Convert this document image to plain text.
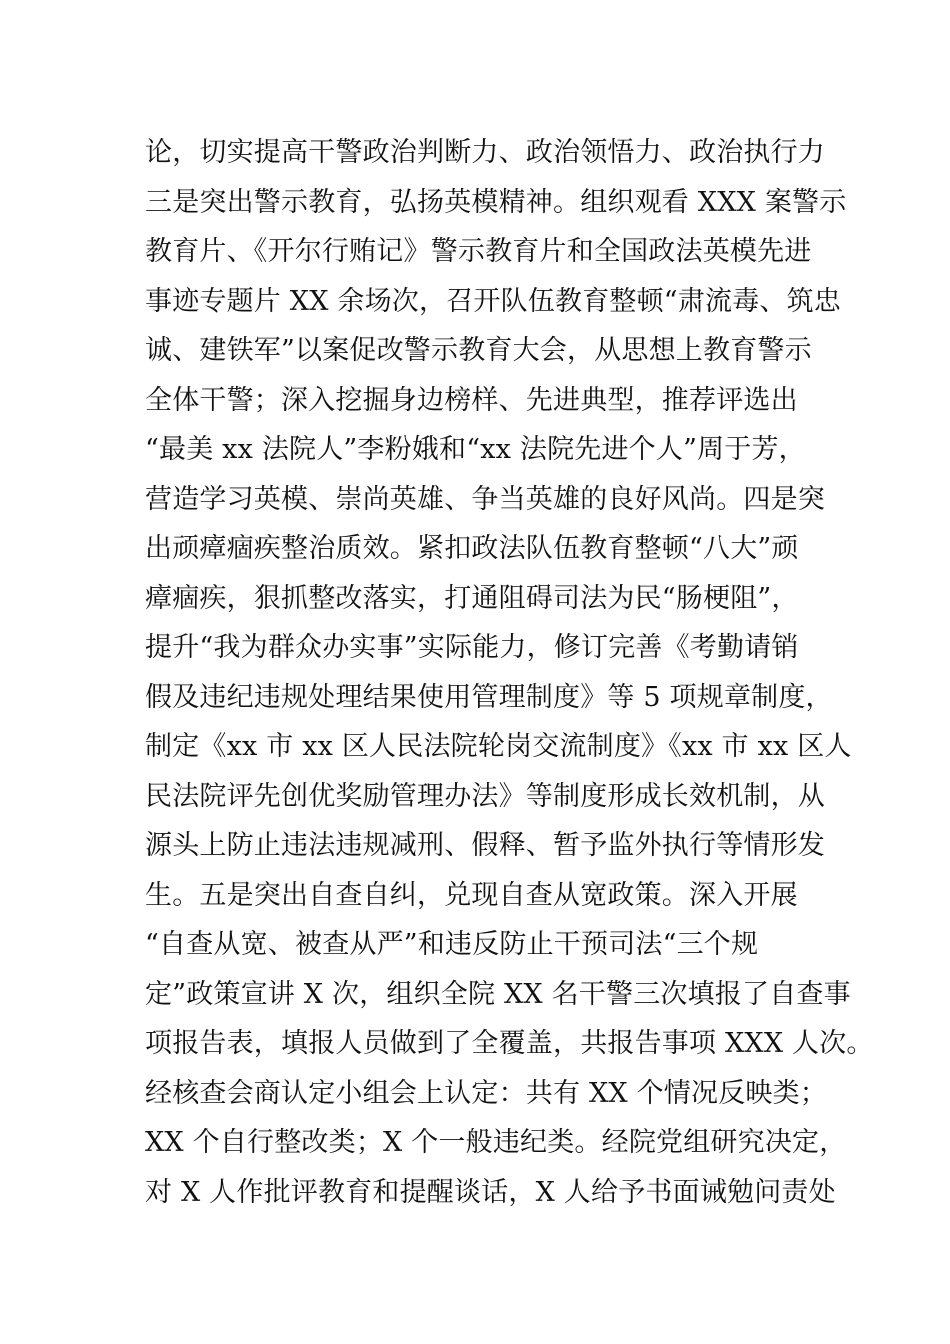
论，切实提高干警政治判断力、政治领悟力、政治执行力
三是突出警示教育，弘扬英模精神。组织观看 XXX 案警示
教育片、《开尔行贿记》警示教育片和全国政法英模先进
事迹专题片 XX 余场次，召开队伍教育整顿“肃流毒、筑忠
诚、建铁军”以案促改警示教育大会，从思想上教育警示
全体干警；深入挖掘身边榜样、先进典型，推荐评选出
“最美 xx 法院人”李粉娥和“xx 法院先进个人”周于芳，
营造学习英模、崇尚英雄、争当英雄的良好风尚。四是突
出顽瘴痼疾整治质效。紧扣政法队伍教育整顿“八大”顽
瘴痼疾，狠抓整改落实，打通阻碍司法为民“肠梗阻”，
提升“我为群众办实事”实际能力，修订完善《考勤请销
假及违纪违规处理结果使用管理制度》等 5 项规章制度，
制定《xx 市 xx 区人民法院轮岗交流制度》《xx 市 xx 区人
民法院评先创优奖励管理办法》等制度形成长效机制，从
源头上防止违法违规减刑、假释、暂予监外执行等情形发
生。五是突出自查自纠，兑现自查从宽政策。深入开展
“自查从宽、被查从严”和违反防止干预司法“三个规
定”政策宣讲 X 次，组织全院 XX 名干警三次填报了自查事
项报告表，填报人员做到了全覆盖，共报告事项 XXX 人次。
经核查会商认定小组会上认定：共有 XX 个情况反映类；
XX 个自行整改类；X 个一般违纪类。经院党组研究决定，
对 X 人作批评教育和提醒谈话，X 人给予书面诫勉问责处
